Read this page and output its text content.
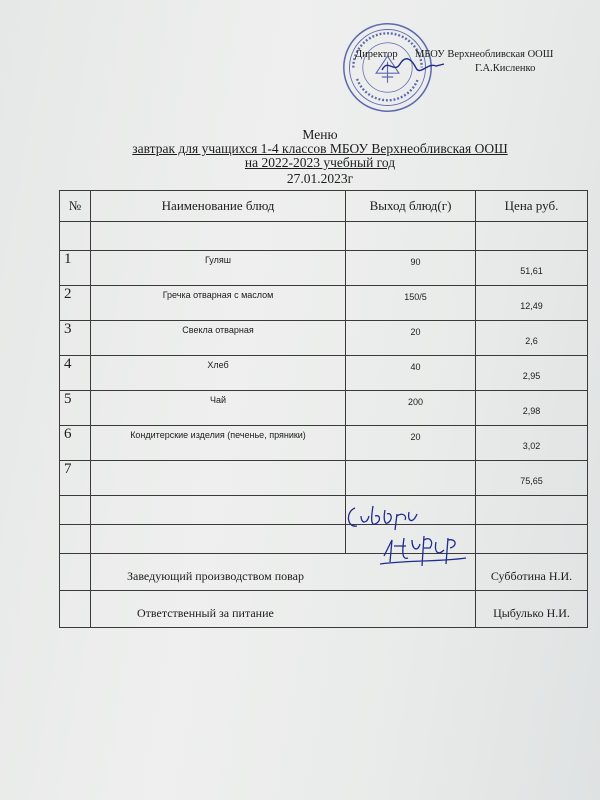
Директор МБОУ Верхнеобливская ООШ
Г.А.Кисленко
Меню
завтрак для учащихся 1-4 классов МБОУ Верхнеобливская ООШ
на 2022-2023 учебный год
27.01.2023г
№	Наименование блюд	Выход блюд(г)	Цена руб.

1	Гуляш	90	51,61
2	Гречка отварная с маслом	150/5	12,49
3	Свекла отварная	20	2,6
4	Хлеб	40	2,95
5	Чай	200	2,98
6	Кондитерские изделия (печенье, пряники)	20	3,02
7			75,65

	Заведующий производством повар		Субботина Н.И.
	Ответственный за питание		Цыбулько Н.И.
